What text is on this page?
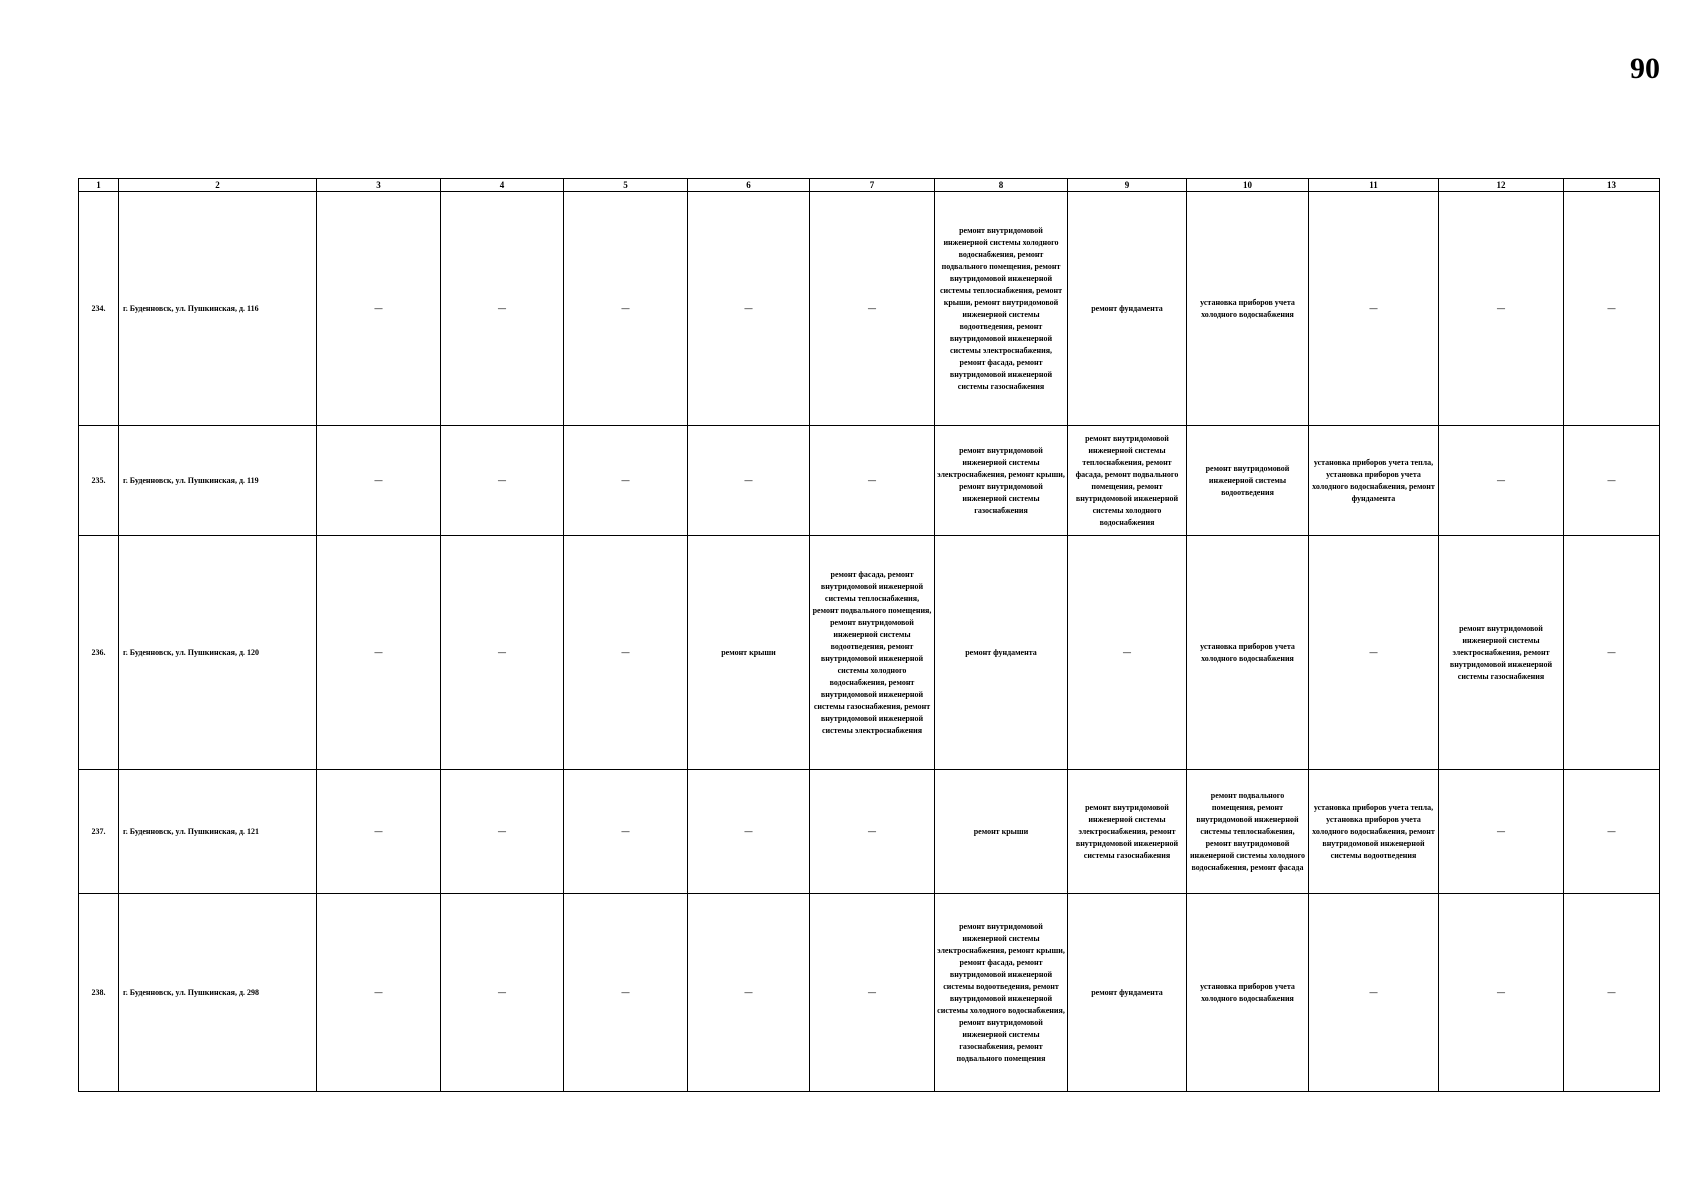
90
1	2	3	4	5	6	7	8	9	10	11	12	13
234.	г. Буденновск, ул. Пушкинская, д. 116	—	—	—	—	—	ремонт внутридомовой инженерной системы холодного водоснабжения, ремонт подвального помещения, ремонт внутридомовой инженерной системы теплоснабжения, ремонт крыши, ремонт внутридомовой инженерной системы водоотведения, ремонт внутридомовой инженерной системы электроснабжения, ремонт фасада, ремонт внутридомовой инженерной системы газоснабжения	ремонт фундамента	установка приборов учета холодного водоснабжения	—	—	—
235.	г. Буденновск, ул. Пушкинская, д. 119	—	—	—	—	—	ремонт внутридомовой инженерной системы электроснабжения, ремонт крыши, ремонт внутридомовой инженерной системы газоснабжения	ремонт внутридомовой инженерной системы теплоснабжения, ремонт фасада, ремонт подвального помещения, ремонт внутридомовой инженерной системы холодного водоснабжения	ремонт внутридомовой инженерной системы водоотведения	установка приборов учета тепла, установка приборов учета холодного водоснабжения, ремонт фундамента	—	—
236.	г. Буденновск, ул. Пушкинская, д. 120	—	—	—	ремонт крыши	ремонт фасада, ремонт внутридомовой инженерной системы теплоснабжения, ремонт подвального помещения, ремонт внутридомовой инженерной системы водоотведения, ремонт внутридомовой инженерной системы холодного водоснабжения, ремонт внутридомовой инженерной системы газоснабжения, ремонт внутридомовой инженерной системы электроснабжения	ремонт фундамента	—	установка приборов учета холодного водоснабжения	—	ремонт внутридомовой инженерной системы электроснабжения, ремонт внутридомовой инженерной системы газоснабжения	—
237.	г. Буденновск, ул. Пушкинская, д. 121	—	—	—	—	—	ремонт крыши	ремонт внутридомовой инженерной системы электроснабжения, ремонт внутридомовой инженерной системы газоснабжения	ремонт подвального помещения, ремонт внутридомовой инженерной системы теплоснабжения, ремонт внутридомовой инженерной системы холодного водоснабжения, ремонт фасада	установка приборов учета тепла, установка приборов учета холодного водоснабжения, ремонт внутридомовой инженерной системы водоотведения	—	—
238.	г. Буденновск, ул. Пушкинская, д. 298	—	—	—	—	—	ремонт внутридомовой инженерной системы электроснабжения, ремонт крыши, ремонт фасада, ремонт внутридомовой инженерной системы водоотведения, ремонт внутридомовой инженерной системы холодного водоснабжения, ремонт внутридомовой инженерной системы газоснабжения, ремонт подвального помещения	ремонт фундамента	установка приборов учета холодного водоснабжения	—	—	—
